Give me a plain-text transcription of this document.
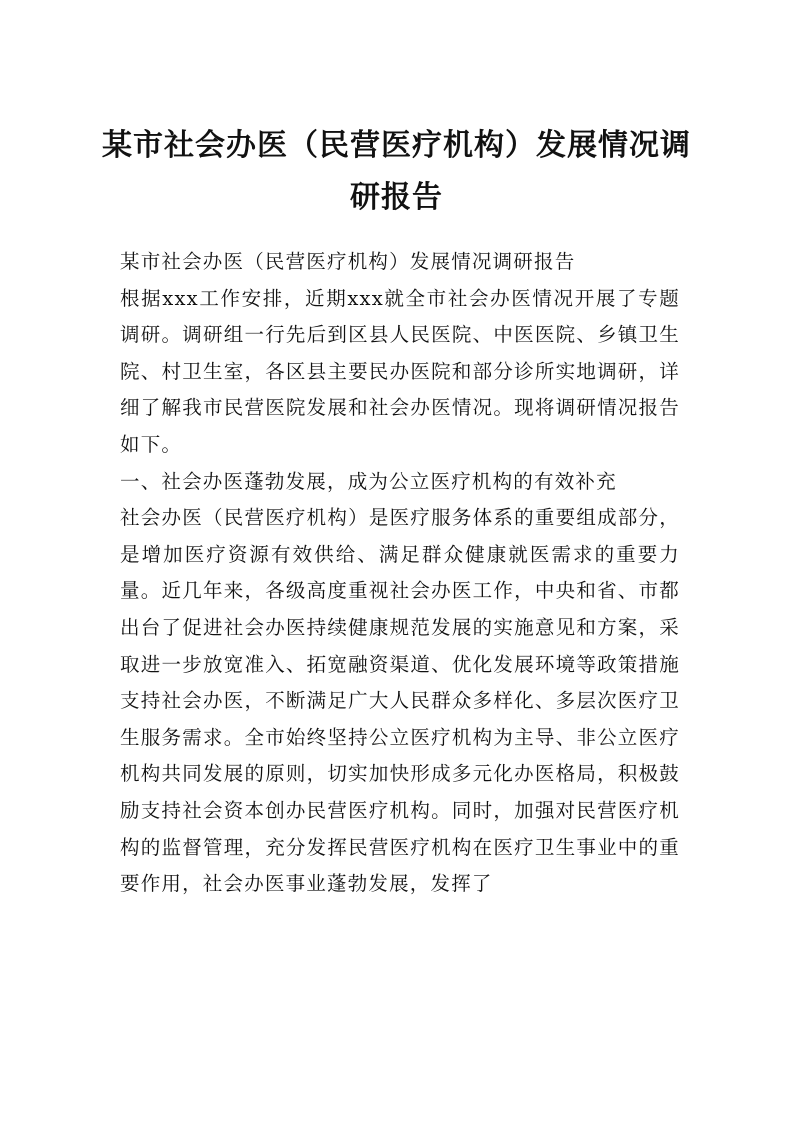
某市社会办医（民营医疗机构）发展情况调研报告

某市社会办医（民营医疗机构）发展情况调研报告

根据xxx工作安排，近期xxx就全市社会办医情况开展了专题调研。调研组一行先后到区县人民医院、中医医院、乡镇卫生院、村卫生室，各区县主要民办医院和部分诊所实地调研，详细了解我市民营医院发展和社会办医情况。现将调研情况报告如下。

一、社会办医蓬勃发展，成为公立医疗机构的有效补充

社会办医（民营医疗机构）是医疗服务体系的重要组成部分，是增加医疗资源有效供给、满足群众健康就医需求的重要力量。近几年来，各级高度重视社会办医工作，中央和省、市都出台了促进社会办医持续健康规范发展的实施意见和方案，采取进一步放宽准入、拓宽融资渠道、优化发展环境等政策措施支持社会办医，不断满足广大人民群众多样化、多层次医疗卫生服务需求。全市始终坚持公立医疗机构为主导、非公立医疗机构共同发展的原则，切实加快形成多元化办医格局，积极鼓励支持社会资本创办民营医疗机构。同时，加强对民营医疗机构的监督管理，充分发挥民营医疗机构在医疗卫生事业中的重要作用，社会办医事业蓬勃发展，发挥了
